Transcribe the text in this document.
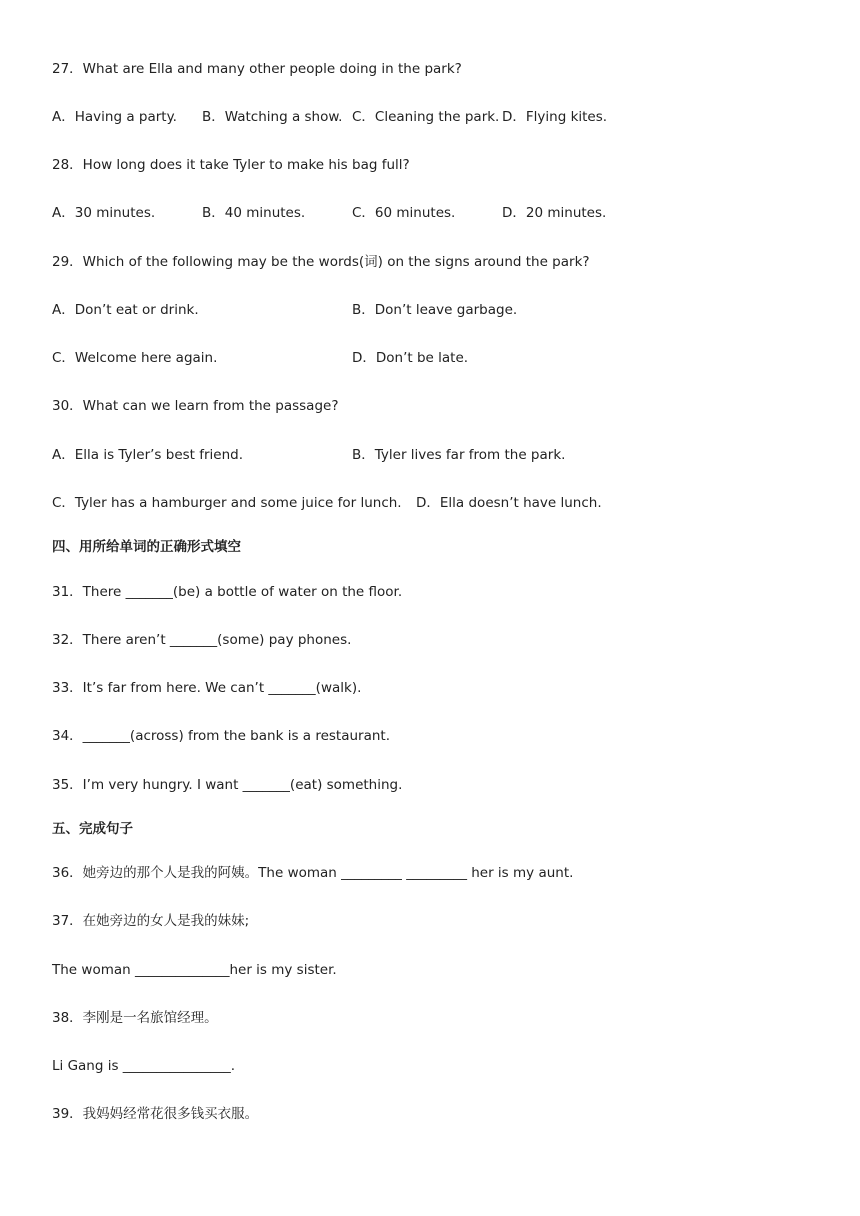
27．What are Ella and many other people doing in the park?
A．Having a party. B．Watching a show. C．Cleaning the park. D．Flying kites.
28．How long does it take Tyler to make his bag full?
A．30 minutes.	B．40 minutes.	C．60 minutes.	D．20 minutes.
29．Which of the following may be the words(词) on the signs around the park?
A．Don’t eat or drink.	B．Don’t leave garbage.
C．Welcome here again.	D．Don’t be late.
30．What can we learn from the passage?
A．Ella is Tyler’s best friend.	B．Tyler lives far from the park.
C．Tyler has a hamburger and some juice for lunch. D．Ella doesn’t have lunch.
四、用所给单词的正确形式填空
31．There _______(be) a bottle of water on the floor.
32．There aren’t _______(some) pay phones.
33．It’s far from here. We can’t _______(walk).
34．_______(across) from the bank is a restaurant.
35．I’m very hungry. I want _______(eat) something.
五、完成句子
36．她旁边的那个人是我的阿姨。The woman _________ _________ her is my aunt.
37．在她旁边的女人是我的妹妹;
The woman ______________her is my sister.
38．李刚是一名旅馆经理。
Li Gang is ________________.
39．我妈妈经常花很多钱买衣服。
